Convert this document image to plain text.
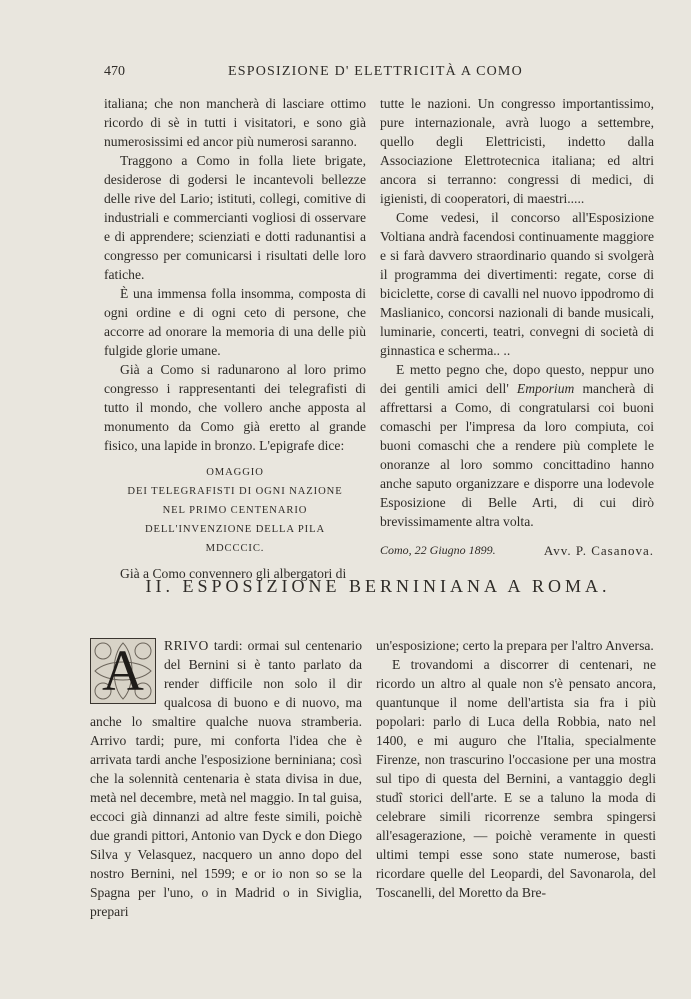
470	ESPOSIZIONE D' ELETTRICITÀ A COMO

italiana; che non mancherà di lasciare ottimo ricordo di sè in tutti i visitatori, e sono già numerosissimi ed ancor più numerosi saranno.

Traggono a Como in folla liete brigate, desiderose di godersi le incantevoli bellezze delle rive del Lario; istituti, collegi, comitive di industriali e commercianti vogliosi di osservare e di apprendere; scienziati e dotti radunantisi a congresso per comunicarsi i risultati delle loro fatiche.

È una immensa folla insomma, composta di ogni ordine e di ogni ceto di persone, che accorre ad onorare la memoria di una delle più fulgide glorie umane.

Già a Como si radunarono al loro primo congresso i rappresentanti dei telegrafisti di tutto il mondo, che vollero anche apposta al monumento da Como già eretto al grande fisico, una lapide in bronzo. L'epigrafe dice:

OMAGGIO
DEI TELEGRAFISTI DI OGNI NAZIONE
NEL PRIMO CENTENARIO
DELL'INVENZIONE DELLA PILA
MDCCCIC.

Già a Como convennero gli albergatori di

tutte le nazioni. Un congresso importantissimo, pure internazionale, avrà luogo a settembre, quello degli Elettricisti, indetto dalla Associazione Elettrotecnica italiana; ed altri ancora si terranno: congressi di medici, di igienisti, di cooperatori, di maestri.....

Come vedesi, il concorso all'Esposizione Voltiana andrà facendosi continuamente maggiore e si farà davvero straordinario quando si svolgerà il programma dei divertimenti: regate, corse di biciclette, corse di cavalli nel nuovo ippodromo di Maslianico, concorsi nazionali di bande musicali, luminarie, concerti, teatri, convegni di società di ginnastica e scherma.. ..

E metto pegno che, dopo questo, neppur uno dei gentili amici dell' Emporium mancherà di affrettarsi a Como, di congratularsi coi buoni comaschi per l'impresa da loro compiuta, coi buoni comaschi che a rendere più complete le onoranze al loro sommo concittadino hanno anche saputo organizzare e disporre una lodevole Esposizione di Belle Arti, di cui dirò brevissimamente altra volta.

Como, 22 Giugno 1899.	Avv. P. Casanova.
II. ESPOSIZIONE BERNINIANA A ROMA.
A	RRIVO tardi: ormai sul centenario del Bernini si è tanto parlato da render difficile non solo il dir qualcosa di buono e di nuovo, ma anche lo smaltire qualche nuova stramberia. Arrivo tardi; pure, mi conforta l'idea che è arrivata tardi anche l'esposizione berniniana; così che la solennità centenaria è stata divisa in due, metà nel decembre, metà nel maggio. In tal guisa, eccoci già dinnanzi ad altre feste simili, poichè due grandi pittori, Antonio van Dyck e don Diego Silva y Velasquez, nacquero un anno dopo del nostro Bernini, nel 1599; e or io non so se la Spagna per l'uno, o in Madrid o in Siviglia, prepari

un'esposizione; certo la prepara per l'altro Anversa.

E trovandomi a discorrer di centenari, ne ricordo un altro al quale non s'è pensato ancora, quantunque il nome dell'artista sia fra i più popolari: parlo di Luca della Robbia, nato nel 1400, e mi auguro che l'Italia, specialmente Firenze, non trascurino l'occasione per una mostra sul tipo di questa del Bernini, a vantaggio degli studî storici dell'arte. E se a taluno la moda di celebrare simili ricorrenze sembra spingersi all'esagerazione, — poichè veramente in questi ultimi tempi esse sono state numerose, basti ricordare quelle del Leopardi, del Savonarola, del Toscanelli, del Moretto da Bre-
